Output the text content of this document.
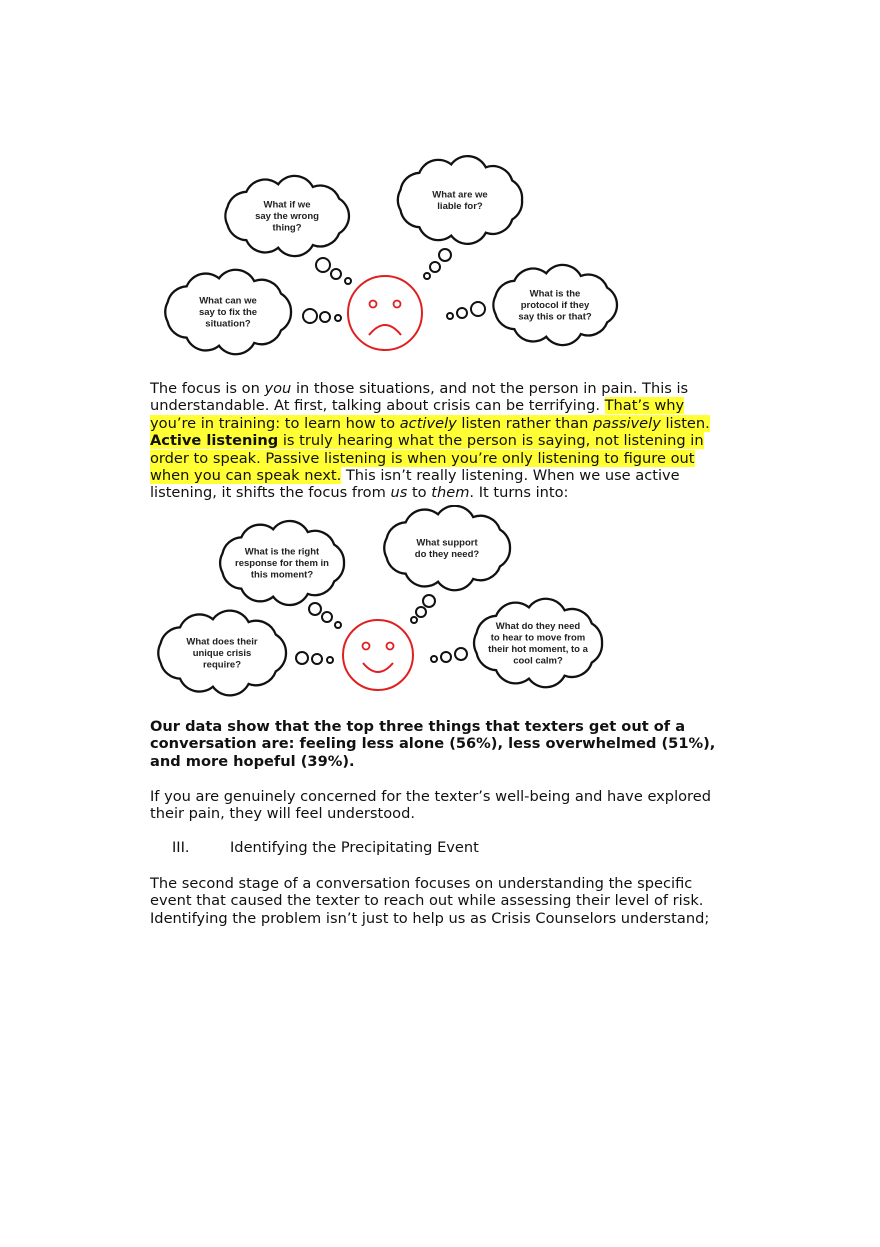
What if we
say the wrong
thing?
What are we
liable for?
What can we
say to fix the
situation?
What is the
protocol if they
say this or that?

The focus is on you in those situations, and not the person in pain. This is understandable. At first, talking about crisis can be terrifying. That’s why you’re in training: to learn how to actively listen rather than passively listen. Active listening is truly hearing what the person is saying, not listening in order to speak. Passive listening is when you’re only listening to figure out when you can speak next. This isn’t really listening. When we use active listening, it shifts the focus from us to them. It turns into:

What is the right
response for them in
this moment?
What support
do they need?
What does their
unique crisis
require?
What do they need
to hear to move from
their hot moment, to a
cool calm?

Our data show that the top three things that texters get out of a conversation are: feeling less alone (56%), less overwhelmed (51%), and more hopeful (39%).

If you are genuinely concerned for the texter’s well-being and have explored their pain, they will feel understood.

III.	Identifying the Precipitating Event

The second stage of a conversation focuses on understanding the specific event that caused the texter to reach out while assessing their level of risk. Identifying the problem isn’t just to help us as Crisis Counselors understand;
